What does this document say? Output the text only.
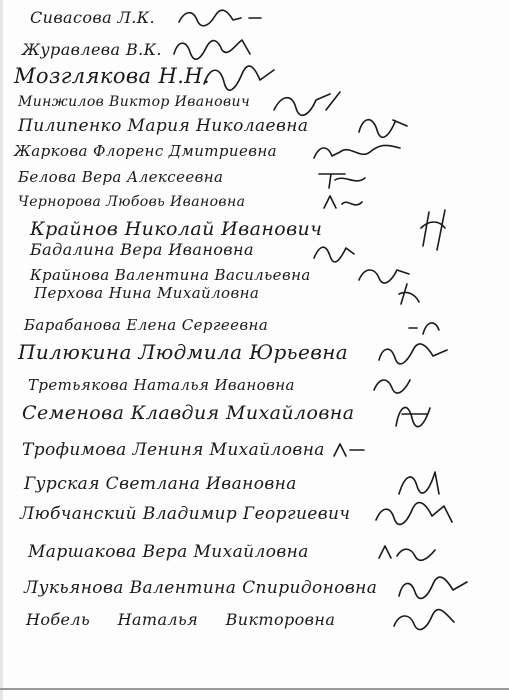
Сивасова Л.К.
Журавлева В.К.
Мозглякова Н.Н.
Минжилов Виктор Иванович
Пилипенко Мария Николаевна
Жаркова Флоренс Дмитриевна
Белова Вера Алексеевна
Чернорова Любовь Ивановна
Крайнов Николай Иванович
Бадалина Вера Ивановна
Крайнова Валентина Васильевна
Перхова Нина Михайловна
Барабанова Елена Сергеевна
Пилюкина Людмила Юрьевна
Третьякова Наталья Ивановна
Семенова Клавдия Михайловна
Трофимова Лениня Михайловна
Гурская Светлана Ивановна
Любчанский Владимир Георгиевич
Маршакова Вера Михайловна
Лукьянова Валентина Спиридоновна
Нобель Наталья Викторовна
